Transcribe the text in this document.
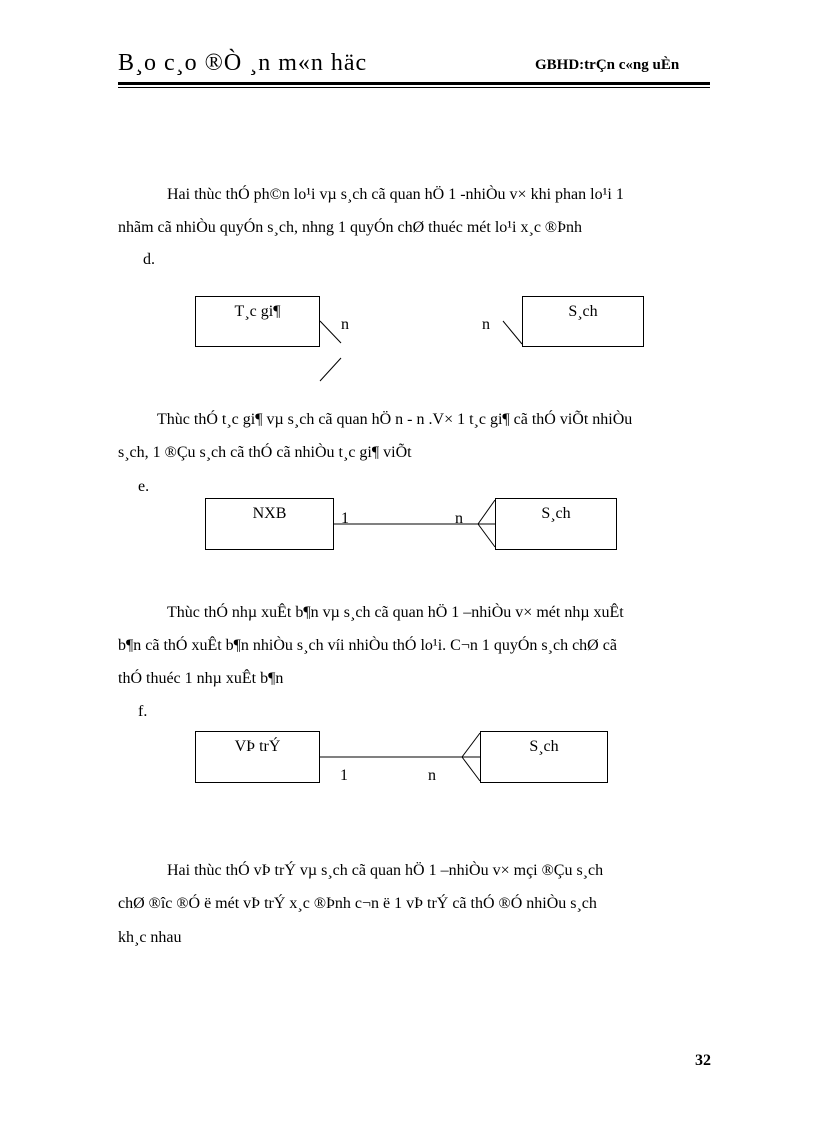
B¸o c¸o ®Ò ¸n m«n häc	GBHD:trÇn c«ng uÈn
Hai thùc thÓ ph©n lo¹i vµ s¸ch cã quan hÖ 1 -nhiÒu v× khi phan lo¹i 1
nhãm cã nhiÒu quyÓn s¸ch, nhng 1 quyÓn chØ thuéc mét lo¹i x¸c ®Þnh
d.
T¸c gi¶	S¸ch
n	n
Thùc thÓ t¸c gi¶ vµ s¸ch cã quan hÖ n - n .V× 1 t¸c gi¶ cã thÓ viÕt nhiÒu
s¸ch, 1 ®Çu s¸ch cã thÓ cã nhiÒu t¸c gi¶ viÕt
e.
NXB	S¸ch
1	n
Thùc thÓ nhµ xuÊt b¶n vµ s¸ch cã quan hÖ 1 –nhiÒu v× mét nhµ xuÊt
b¶n cã thÓ xuÊt b¶n nhiÒu s¸ch víi nhiÒu thÓ lo¹i. C¬n 1 quyÓn s¸ch chØ cã
thÓ thuéc 1 nhµ xuÊt b¶n
f.
VÞ trÝ	S¸ch
1	n
Hai thùc thÓ vÞ trÝ vµ s¸ch cã quan hÖ 1 –nhiÒu v× mçi ®Çu s¸ch
chØ ®îc ®Ó ë mét vÞ trÝ x¸c ®Þnh c¬n ë 1 vÞ trÝ cã thÓ ®Ó nhiÒu s¸ch
kh¸c nhau
32
